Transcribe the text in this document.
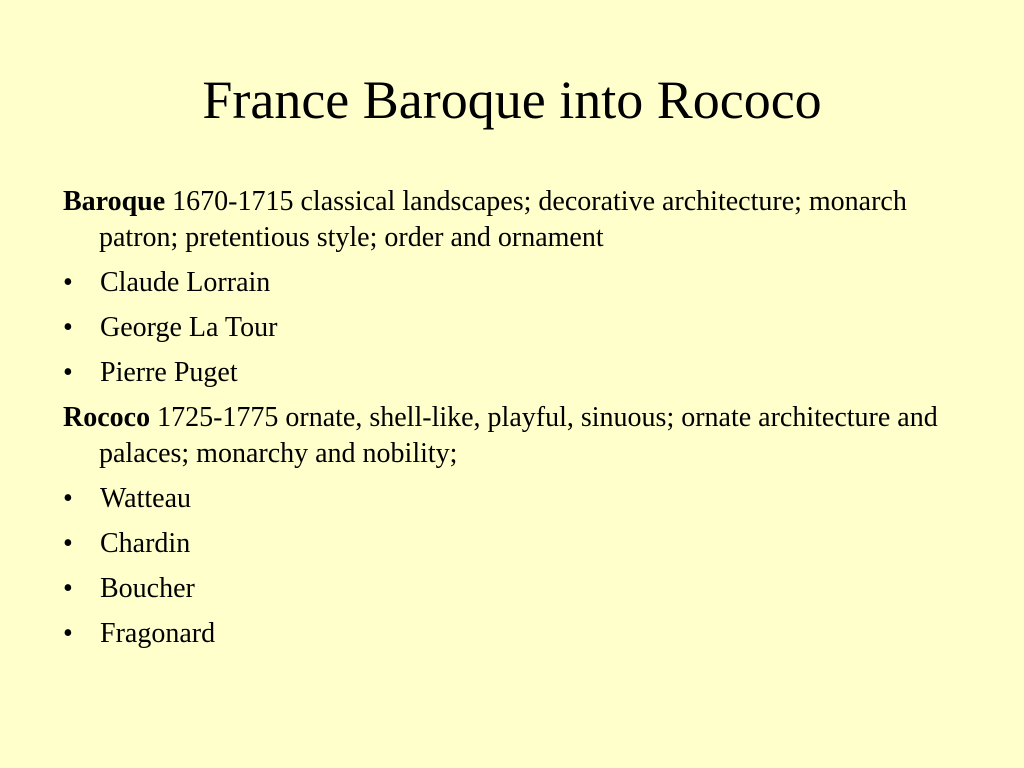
France Baroque into Rococo

Baroque 1670-1715 classical landscapes; decorative architecture; monarch patron; pretentious style; order and ornament

• Claude Lorrain
• George La Tour
• Pierre Puget

Rococo 1725-1775 ornate, shell-like, playful, sinuous; ornate architecture and palaces; monarchy and nobility;

• Watteau
• Chardin
• Boucher
• Fragonard
